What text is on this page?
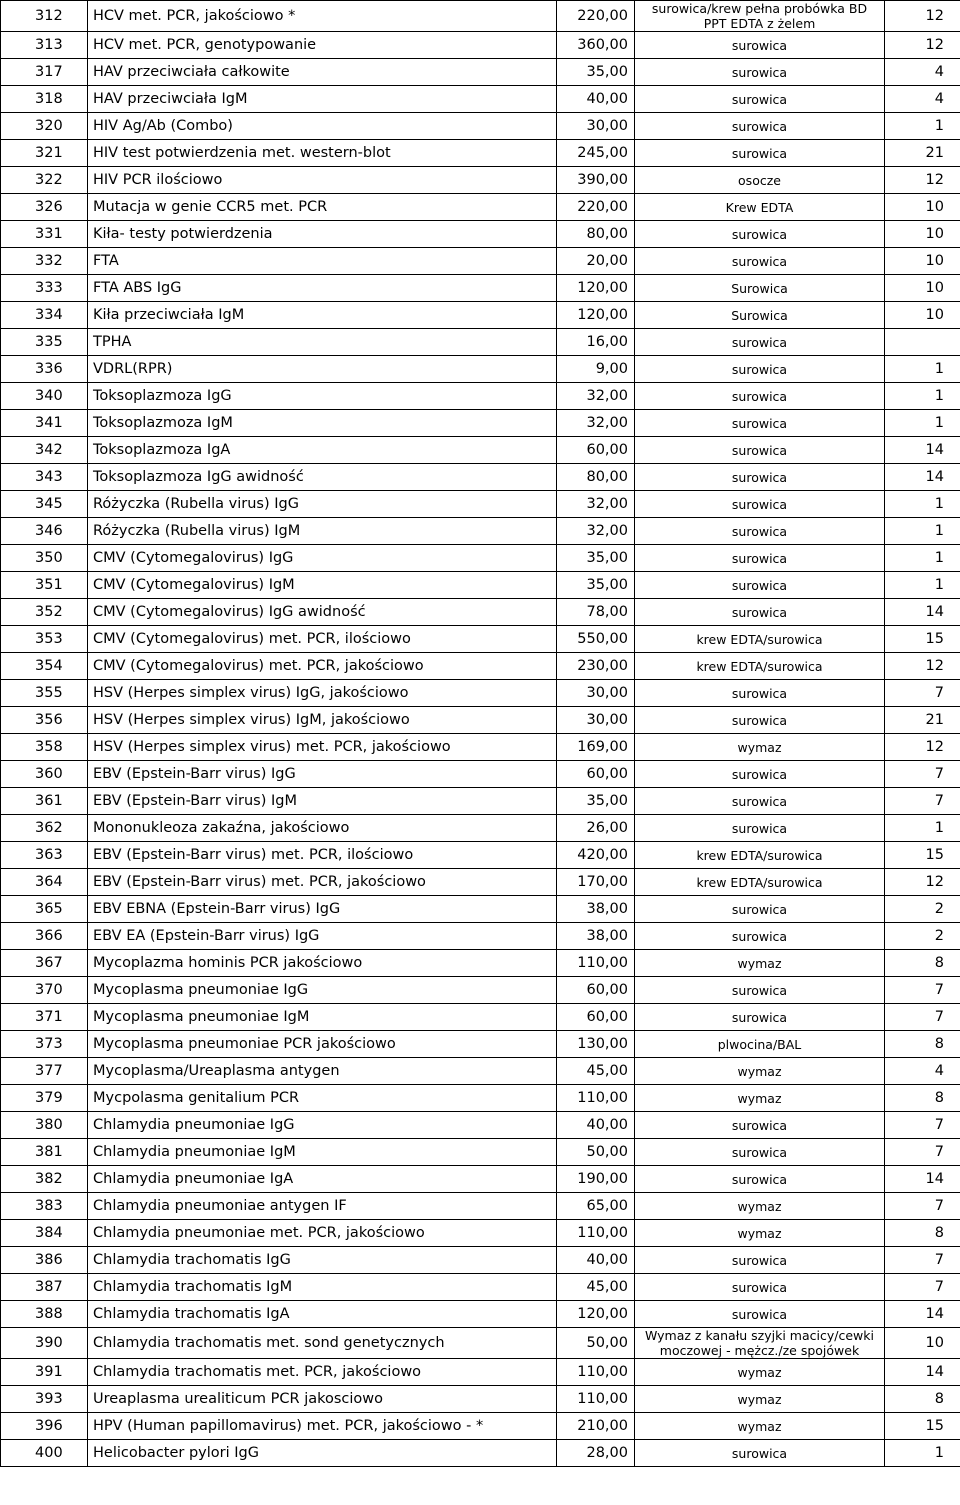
312	HCV met. PCR, jakościowo *	220,00	surowica/krew pełna probówka BD PPT EDTA z żelem	12
313	HCV met. PCR, genotypowanie	360,00	surowica	12
317	HAV przeciwciała całkowite	35,00	surowica	4
318	HAV przeciwciała IgM	40,00	surowica	4
320	HIV Ag/Ab (Combo)	30,00	surowica	1
321	HIV test potwierdzenia met. western-blot	245,00	surowica	21
322	HIV PCR ilościowo	390,00	osocze	12
326	Mutacja w genie CCR5 met. PCR	220,00	Krew EDTA	10
331	Kiła- testy potwierdzenia	80,00	surowica	10
332	FTA	20,00	surowica	10
333	FTA ABS IgG	120,00	Surowica	10
334	Kiła przeciwciała IgM	120,00	Surowica	10
335	TPHA	16,00	surowica	
336	VDRL(RPR)	9,00	surowica	1
340	Toksoplazmoza IgG	32,00	surowica	1
341	Toksoplazmoza IgM	32,00	surowica	1
342	Toksoplazmoza IgA	60,00	surowica	14
343	Toksoplazmoza IgG awidność	80,00	surowica	14
345	Różyczka (Rubella virus) IgG	32,00	surowica	1
346	Różyczka (Rubella virus) IgM	32,00	surowica	1
350	CMV (Cytomegalovirus) IgG	35,00	surowica	1
351	CMV (Cytomegalovirus) IgM	35,00	surowica	1
352	CMV (Cytomegalovirus) IgG awidność	78,00	surowica	14
353	CMV (Cytomegalovirus) met. PCR, ilościowo	550,00	krew EDTA/surowica	15
354	CMV (Cytomegalovirus) met. PCR, jakościowo	230,00	krew EDTA/surowica	12
355	HSV (Herpes simplex virus) IgG, jakościowo	30,00	surowica	7
356	HSV (Herpes simplex virus) IgM, jakościowo	30,00	surowica	21
358	HSV (Herpes simplex virus) met. PCR, jakościowo	169,00	wymaz	12
360	EBV (Epstein-Barr virus) IgG	60,00	surowica	7
361	EBV (Epstein-Barr virus) IgM	35,00	surowica	7
362	Mononukleoza zakaźna, jakościowo	26,00	surowica	1
363	EBV (Epstein-Barr virus) met. PCR, ilościowo	420,00	krew EDTA/surowica	15
364	EBV (Epstein-Barr virus) met. PCR, jakościowo	170,00	krew EDTA/surowica	12
365	EBV EBNA (Epstein-Barr virus) IgG	38,00	surowica	2
366	EBV EA (Epstein-Barr virus) IgG	38,00	surowica	2
367	Mycoplazma hominis PCR jakościowo	110,00	wymaz	8
370	Mycoplasma pneumoniae IgG	60,00	surowica	7
371	Mycoplasma pneumoniae IgM	60,00	surowica	7
373	Mycoplasma pneumoniae PCR jakościowo	130,00	plwocina/BAL	8
377	Mycoplasma/Ureaplasma antygen	45,00	wymaz	4
379	Mycpolasma genitalium PCR	110,00	wymaz	8
380	Chlamydia pneumoniae IgG	40,00	surowica	7
381	Chlamydia pneumoniae IgM	50,00	surowica	7
382	Chlamydia pneumoniae IgA	190,00	surowica	14
383	Chlamydia pneumoniae antygen IF	65,00	wymaz	7
384	Chlamydia pneumoniae met. PCR, jakościowo	110,00	wymaz	8
386	Chlamydia trachomatis IgG	40,00	surowica	7
387	Chlamydia trachomatis IgM	45,00	surowica	7
388	Chlamydia trachomatis IgA	120,00	surowica	14
390	Chlamydia trachomatis met. sond genetycznych	50,00	Wymaz z kanału szyjki macicy/cewki moczowej - mężcz./ze spojówek	10
391	Chlamydia trachomatis met. PCR, jakościowo	110,00	wymaz	14
393	Ureaplasma urealiticum PCR jakosciowo	110,00	wymaz	8
396	HPV (Human papillomavirus) met. PCR, jakościowo - *	210,00	wymaz	15
400	Helicobacter pylori IgG	28,00	surowica	1
